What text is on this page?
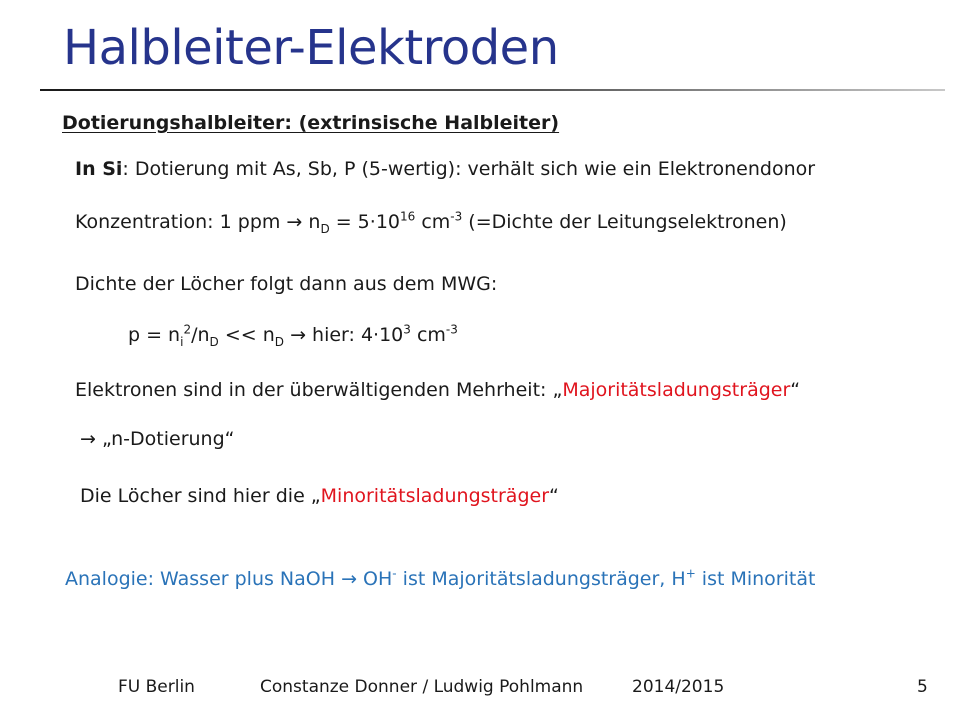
Halbleiter-Elektroden
Dotierungshalbleiter: (extrinsische Halbleiter)
In Si: Dotierung mit As, Sb, P (5-wertig): verhält sich wie ein Elektronendonor
Konzentration: 1 ppm → $n_D = 5\cdot 10^{16}$ $cm^{-3}$ (=Dichte der Leitungselektronen)
Dichte der Löcher folgt dann aus dem MWG:
$p = n_i^2/n_D << n_D$ → hier: $4\cdot 10^3$ $cm^{-3}$
Elektronen sind in der überwältigenden Mehrheit: „Majoritätsladungsträger“
→ „n-Dotierung“
Die Löcher sind hier die „Minoritätsladungsträger“
Analogie: Wasser plus NaOH → OH- ist Majoritätsladungsträger, H+ ist Minorität
FU Berlin	Constanze Donner / Ludwig Pohlmann	2014/2015	5
